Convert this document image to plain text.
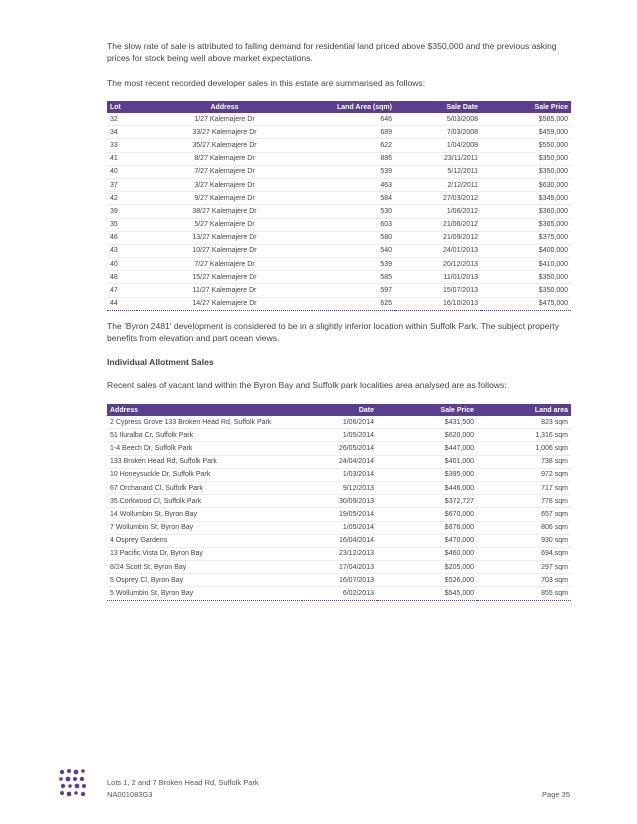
The slow rate of sale is attributed to falling demand for residential land priced above $350,000 and the previous asking prices for stock being well above market expectations.

The most recent recorded developer sales in this estate are summarised as follows:

Lot	Address	Land Area (sqm)	Sale Date	Sale Price
32	1/27 Kalemajere Dr	646	5/03/2008	$585,000
34	33/27 Kalemajere Dr	689	7/03/2008	$459,000
33	35/27 Kalemajere Dr	622	1/04/2008	$550,000
41	8/27 Kalemajere Dr	886	23/11/2011	$350,000
40	7/27 Kalemajere Dr	539	5/12/2011	$350,000
37	3/27 Kalemajere Dr	463	2/12/2011	$630,000
42	9/27 Kalemajere Dr	584	27/03/2012	$345,000
39	38/27 Kalemajere Dr	530	1/06/2012	$360,000
35	5/27 Kalemajere Dr	603	21/06/2012	$365,000
46	13/27 Kalemajere Dr	580	21/09/2012	$375,000
43	10/27 Kalemajere Dr	540	24/01/2013	$400,000
40	7/27 Kalemajere Dr	539	20/12/2013	$410,000
48	15/27 Kalemajere Dr	585	11/01/2013	$350,000
47	11/27 Kalemajere Dr	597	15/07/2013	$350,000
44	14/27 Kalemajere Dr	625	16/10/2013	$475,000

The 'Byron 2481' development is considered to be in a slightly inferior location within Suffolk Park. The subject property benefits from elevation and part ocean views.

Individual Allotment Sales

Recent sales of vacant land within the Byron Bay and Suffolk park localities area analysed are as follows:

Address	Date	Sale Price	Land area
2 Cypress Grove 133 Broken Head Rd, Suffolk Park	1/06/2014	$431,500	823 sqm
51 Iluralba Cr, Suffolk Park	1/05/2014	$620,000	1,316 sqm
1-4 Beech Dr, Suffolk Park	26/05/2014	$447,000	1,006 sqm
133 Broken Head Rd, Suffolk Park	24/04/2014	$401,000	738 sqm
10 Honeysuckle Dr, Suffolk Park	1/03/2014	$395,000	972 sqm
67 Orchanard Cl, Suffolk Park	9/12/2013	$446,000	717 sqm
35 Corkwood Cl, Suffolk Park	30/09/2013	$372,727	778 sqm
14 Wollumbin St, Byron Bay	19/05/2014	$670,000	657 sqm
7 Wollumbin St, Byron Bay	1/05/2014	$876,000	806 sqm
4 Osprey Gardens	16/04/2014	$470,000	930 sqm
13 Pacific Vista Dr, Byron Bay	23/12/2013	$460,000	694 sqm
8/24 Scott St, Byron Bay	17/04/2013	$205,000	297 sqm
5 Osprey Cl, Byron Bay	16/07/2013	$526,000	703 sqm
5 Wollumbin St, Byron Bay	6/02/2013	$545,000	855 sqm

Lots 1, 2 and 7 Broken Head Rd, Suffolk Park

NA001083G3	Page 35
